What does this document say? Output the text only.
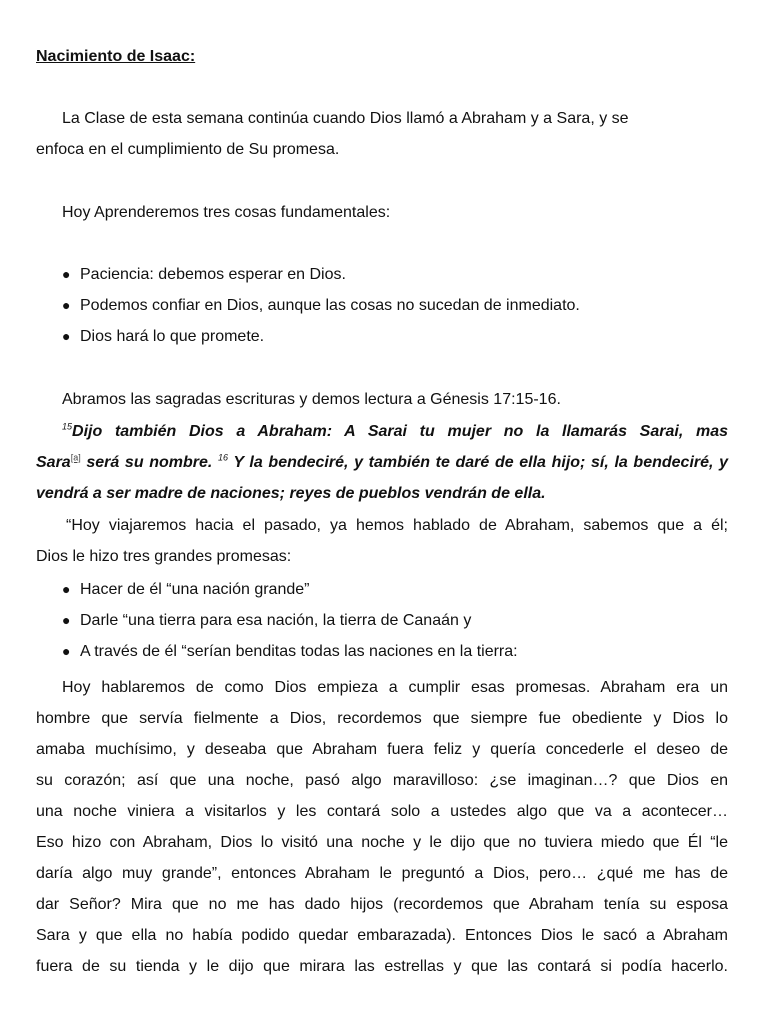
Nacimiento de Isaac:
La Clase de esta semana continúa cuando Dios llamó a Abraham y a Sara, y se
enfoca en el cumplimiento de Su promesa.
Hoy Aprenderemos tres cosas fundamentales:
● Paciencia: debemos esperar en Dios.
● Podemos confiar en Dios, aunque las cosas no sucedan de inmediato.
● Dios hará lo que promete.
Abramos las sagradas escrituras y demos lectura a Génesis 17:15-16.
$^{15}$Dijo también Dios a Abraham: A Sarai tu mujer no la llamarás Sarai, mas
Sara[a] será su nombre. $^{16}$ Y la bendeciré, y también te daré de ella hijo; sí, la bendeciré, y
vendrá a ser madre de naciones; reyes de pueblos vendrán de ella.
“Hoy viajaremos hacia el pasado, ya hemos hablado de Abraham, sabemos que a él;
Dios le hizo tres grandes promesas:
● Hacer de él “una nación grande”
● Darle “una tierra para esa nación, la tierra de Canaán y
● A través de él “serían benditas todas las naciones en la tierra:
Hoy hablaremos de como Dios empieza a cumplir esas promesas. Abraham era un
hombre que servía fielmente a Dios, recordemos que siempre fue obediente y Dios lo
amaba muchísimo, y deseaba que Abraham fuera feliz y quería concederle el deseo de
su corazón; así que una noche, pasó algo maravilloso: ¿se imaginan…? que Dios en
una noche viniera a visitarlos y les contará solo a ustedes algo que va a acontecer…
Eso hizo con Abraham, Dios lo visitó una noche y le dijo que no tuviera miedo que Él “le
daría algo muy grande”, entonces Abraham le preguntó a Dios, pero… ¿qué me has de
dar Señor? Mira que no me has dado hijos (recordemos que Abraham tenía su esposa
Sara y que ella no había podido quedar embarazada). Entonces Dios le sacó a Abraham
fuera de su tienda y le dijo que mirara las estrellas y que las contará si podía hacerlo.
